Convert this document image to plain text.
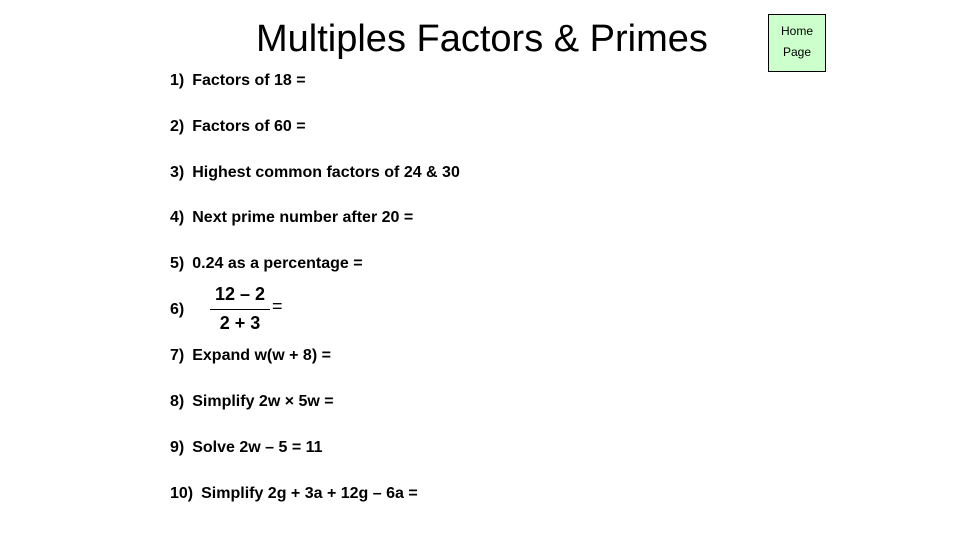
Multiples Factors & Primes	Home
Page
1) Factors of 18 =
2) Factors of 60 =
3) Highest common factors of 24 & 30
4) Next prime number after 20 =
5) 0.24 as a percentage =
6)
12 – 2
2 + 3
=
7) Expand w(w + 8) =
8) Simplify 2w × 5w =
9) Solve 2w – 5 = 11
10) Simplify 2g + 3a + 12g – 6a =
